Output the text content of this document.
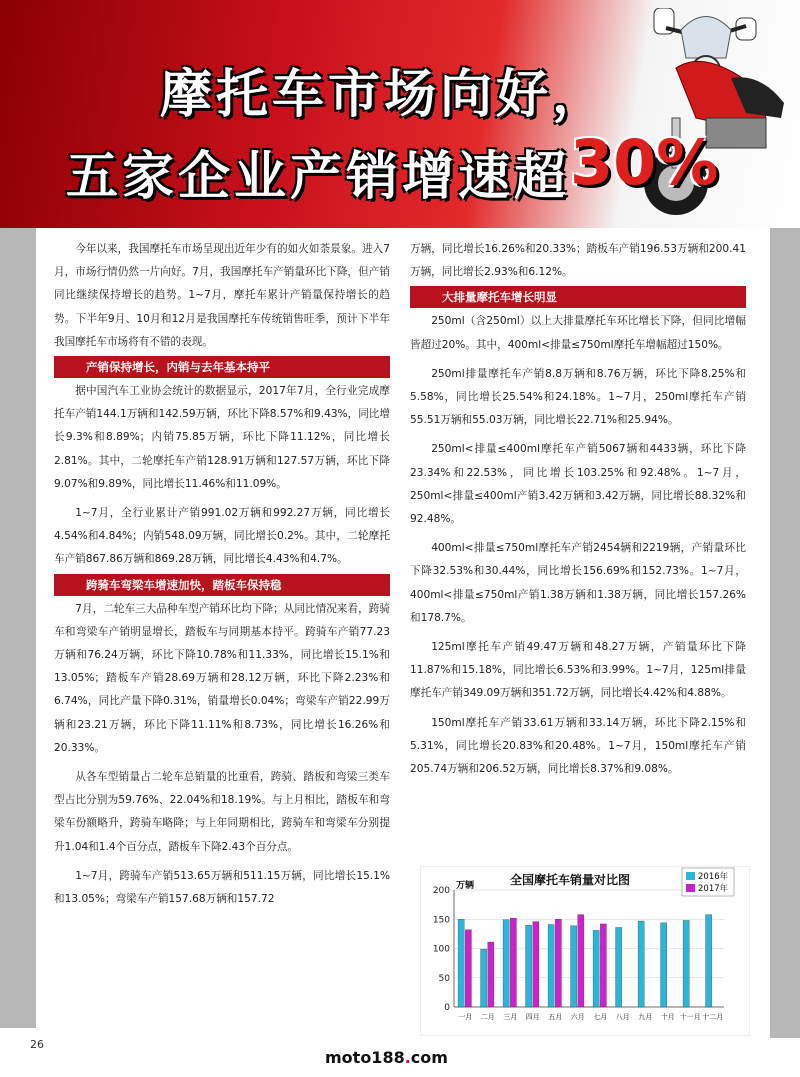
摩托车市场向好，
五家企业产销增速超 30%

今年以来，我国摩托车市场呈现出近年少有的如火如荼景象。进入7月，市场行情仍然一片向好。7月，我国摩托车产销量环比下降，但产销同比继续保持增长的趋势。1~7月，摩托车累计产销量保持增长的趋势。下半年9月、10月和12月是我国摩托车传统销售旺季，预计下半年我国摩托车市场将有不错的表现。

产销保持增长，内销与去年基本持平

据中国汽车工业协会统计的数据显示，2017年7月，全行业完成摩托车产销144.1万辆和142.59万辆，环比下降8.57%和9.43%，同比增长9.3%和8.89%；内销75.85万辆，环比下降11.12%，同比增长2.81%。其中，二轮摩托车产销128.91万辆和127.57万辆，环比下降9.07%和9.89%，同比增长11.46%和11.09%。

1~7月，全行业累计产销991.02万辆和992.27万辆，同比增长4.54%和4.84%；内销548.09万辆，同比增长0.2%。其中，二轮摩托车产销867.86万辆和869.28万辆，同比增长4.43%和4.7%。

跨骑车弯梁车增速加快，踏板车保持稳

7月，二轮车三大品种车型产销环比均下降；从同比情况来看，跨骑车和弯梁车产销明显增长，踏板车与同期基本持平。跨骑车产销77.23万辆和76.24万辆，环比下降10.78%和11.33%，同比增长15.1%和13.05%；踏板车产销28.69万辆和28.12万辆，环比下降2.23%和6.74%，同比产量下降0.31%，销量增长0.04%；弯梁车产销22.99万辆和23.21万辆，环比下降11.11%和8.73%，同比增长16.26%和20.33%。

从各车型销量占二轮车总销量的比重看，跨骑、踏板和弯梁三类车型占比分别为59.76%、22.04%和18.19%。与上月相比，踏板车和弯梁车份额略升，跨骑车略降；与上年同期相比，跨骑车和弯梁车分别提升1.04和1.4个百分点，踏板车下降2.43个百分点。

1~7月，跨骑车产销513.65万辆和511.15万辆，同比增长15.1%和13.05%；弯梁车产销157.68万辆和157.72

万辆，同比增长16.26%和20.33%；踏板车产销196.53万辆和200.41万辆，同比增长2.93%和6.12%。

大排量摩托车增长明显

250ml（含250ml）以上大排量摩托车环比增长下降，但同比增幅皆超过20%。其中，400ml<排量≤750ml摩托车增幅超过150%。

250ml排量摩托车产销8.8万辆和8.76万辆，环比下降8.25%和5.58%，同比增长25.54%和24.18%。1~7月，250ml摩托车产销55.51万辆和55.03万辆，同比增长22.71%和25.94%。

250ml<排量≤400ml摩托车产销5067辆和4433辆，环比下降23.34%和22.53%，同比增长103.25%和92.48%。1~7月，250ml<排量≤400ml产销3.42万辆和3.42万辆，同比增长88.32%和92.48%。

400ml<排量≤750ml摩托车产销2454辆和2219辆，产销量环比下降32.53%和30.44%，同比增长156.69%和152.73%。1~7月，400ml<排量≤750ml产销1.38万辆和1.38万辆，同比增长157.26%和178.7%。

125ml摩托车产销49.47万辆和48.27万辆，产销量环比下降11.87%和15.18%，同比增长6.53%和3.99%。1~7月，125ml排量摩托车产销349.09万辆和351.72万辆，同比增长4.42%和4.88%。

150ml摩托车产销33.61万辆和33.14万辆，环比下降2.15%和5.31%，同比增长20.83%和20.48%。1~7月，150ml摩托车产销205.74万辆和206.52万辆，同比增长8.37%和9.08%。

全国摩托车销量对比图
万辆
0
50
100
150
200
一月 二月 三月 四月 五月 六月 七月 八月 九月 十月 十一月 十二月
2016年
2017年
26
moto188.com
